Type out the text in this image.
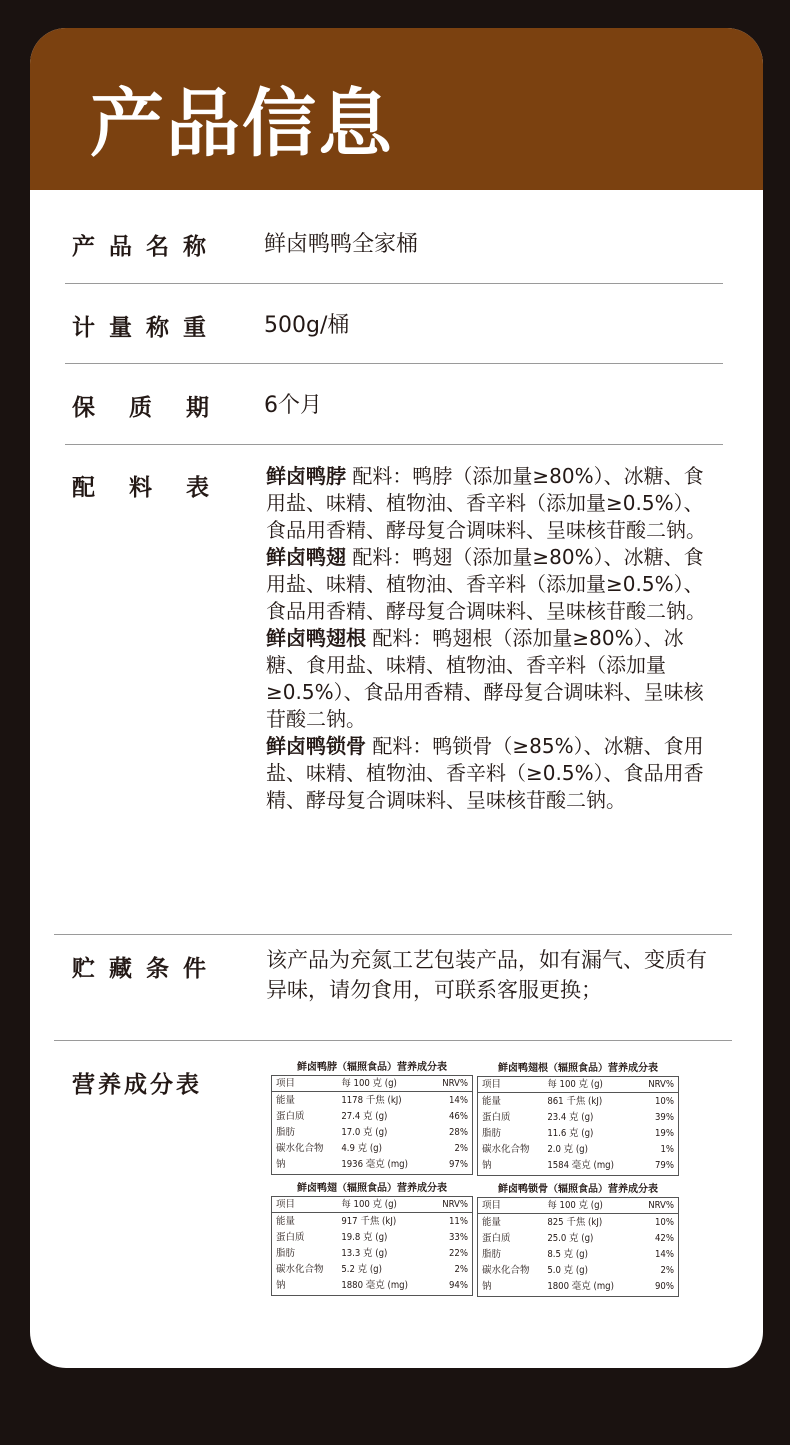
产品信息
产品名称 鲜卤鸭鸭全家桶
计量称重 500g/桶
保质期 6个月
配料表 鲜卤鸭脖 配料：鸭脖（添加量≥80%）、冰糖、食用盐、味精、植物油、香辛料（添加量≥0.5%）、食品用香精、酵母复合调味料、呈味核苷酸二钠。
鲜卤鸭翅 配料：鸭翅（添加量≥80%）、冰糖、食用盐、味精、植物油、香辛料（添加量≥0.5%）、食品用香精、酵母复合调味料、呈味核苷酸二钠。
鲜卤鸭翅根 配料：鸭翅根（添加量≥80%）、冰糖、食用盐、味精、植物油、香辛料（添加量≥0.5%）、食品用香精、酵母复合调味料、呈味核苷酸二钠。
鲜卤鸭锁骨 配料：鸭锁骨（≥85%）、冰糖、食用盐、味精、植物油、香辛料（≥0.5%）、食品用香精、酵母复合调味料、呈味核苷酸二钠。
贮藏条件 该产品为充氮工艺包装产品，如有漏气、变质有异味，请勿食用，可联系客服更换；
营养成分表
鲜卤鸭脖（辐照食品）营养成分表
项目	每 100 克 (g)	NRV%
能量	1178 千焦 (kJ)	14%
蛋白质	27.4 克 (g)	46%
脂肪	17.0 克 (g)	28%
碳水化合物	4.9 克 (g)	2%
钠	1936 毫克 (mg)	97%
鲜卤鸭翅根（辐照食品）营养成分表
项目	每 100 克 (g)	NRV%
能量	861 千焦 (kJ)	10%
蛋白质	23.4 克 (g)	39%
脂肪	11.6 克 (g)	19%
碳水化合物	2.0 克 (g)	1%
钠	1584 毫克 (mg)	79%
鲜卤鸭翅（辐照食品）营养成分表
项目	每 100 克 (g)	NRV%
能量	917 千焦 (kJ)	11%
蛋白质	19.8 克 (g)	33%
脂肪	13.3 克 (g)	22%
碳水化合物	5.2 克 (g)	2%
钠	1880 毫克 (mg)	94%
鲜卤鸭锁骨（辐照食品）营养成分表
项目	每 100 克 (g)	NRV%
能量	825 千焦 (kJ)	10%
蛋白质	25.0 克 (g)	42%
脂肪	8.5 克 (g)	14%
碳水化合物	5.0 克 (g)	2%
钠	1800 毫克 (mg)	90%
